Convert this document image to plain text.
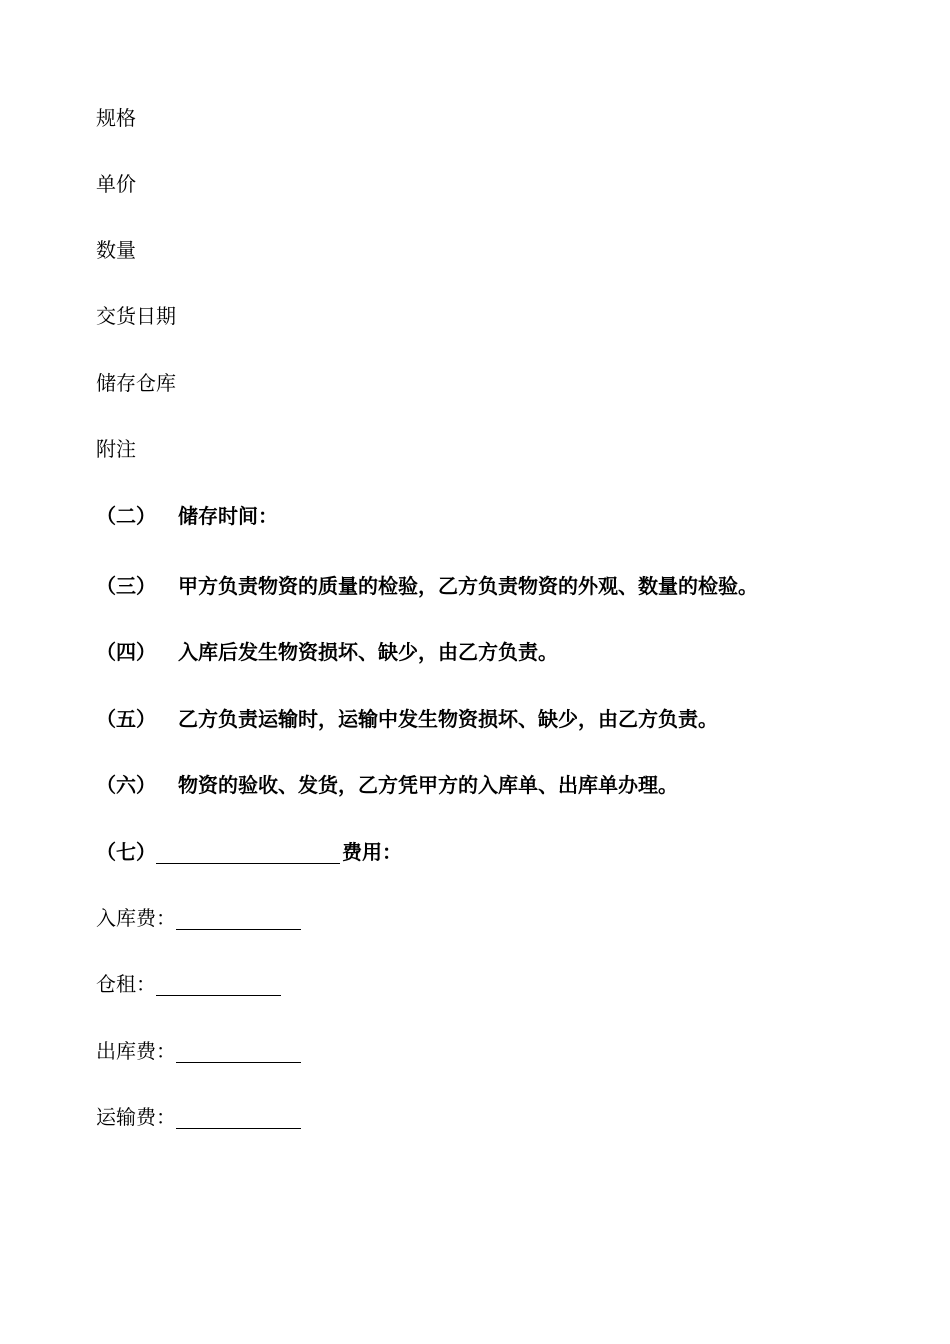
规格
单价
数量
交货日期
储存仓库
附注
（二） 储存时间：
（三） 甲方负责物资的质量的检验，乙方负责物资的外观、数量的检验。
（四） 入库后发生物资损坏、缺少，由乙方负责。
（五） 乙方负责运输时，运输中发生物资损坏、缺少，由乙方负责。
（六） 物资的验收、发货，乙方凭甲方的入库单、出库单办理。
（七）	费用：
入库费：
仓租：
出库费：
运输费：
